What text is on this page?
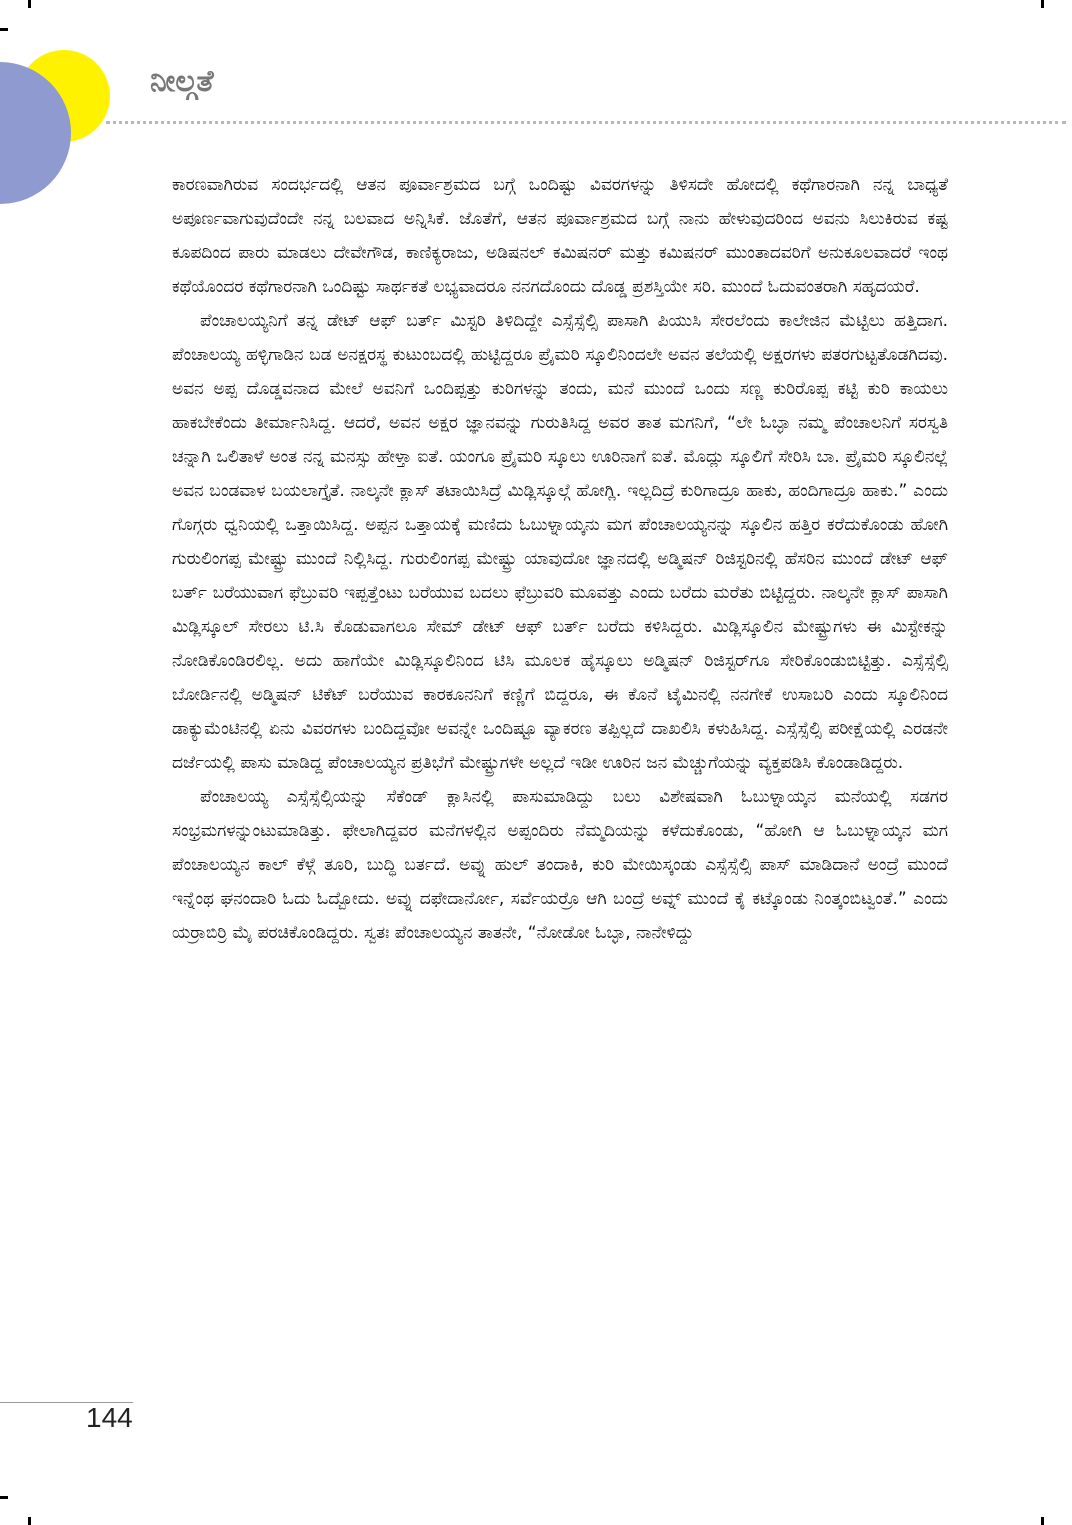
ನೀಲ್ಗತೆ

ಕಾರಣವಾಗಿರುವ ಸಂದರ್ಭದಲ್ಲಿ ಆತನ ಪೂರ್ವಾಶ್ರಮದ ಬಗ್ಗೆ ಒಂದಿಷ್ಟು ವಿವರಗಳನ್ನು ತಿಳಿಸದೇ ಹೋದಲ್ಲಿ ಕಥೆಗಾರನಾಗಿ ನನ್ನ ಬಾಧ್ಯತೆ ಅಪೂರ್ಣವಾಗುವುದೆಂದೇ ನನ್ನ ಬಲವಾದ ಅನ್ನಿಸಿಕೆ. ಜೊತೆಗೆ, ಆತನ ಪೂರ್ವಾಶ್ರಮದ ಬಗ್ಗೆ ನಾನು ಹೇಳುವುದರಿಂದ ಅವನು ಸಿಲುಕಿರುವ ಕಷ್ಟ ಕೂಪದಿಂದ ಪಾರು ಮಾಡಲು ದೇವೇಗೌಡ, ಕಾಣಿಕ್ಯರಾಜು, ಅಡಿಷನಲ್ ಕಮಿಷನರ್ ಮತ್ತು ಕಮಿಷನರ್ ಮುಂತಾದವರಿಗೆ ಅನುಕೂಲವಾದರೆ ಇಂಥ ಕಥೆಯೊಂದರ ಕಥೆಗಾರನಾಗಿ ಒಂದಿಷ್ಟು ಸಾರ್ಥಕತೆ ಲಭ್ಯವಾದರೂ ನನಗದೊಂದು ದೊಡ್ಡ ಪ್ರಶಸ್ತಿಯೇ ಸರಿ. ಮುಂದೆ ಓದುವಂತರಾಗಿ ಸಹೃದಯರೆ.

ಪೆಂಚಾಲಯ್ಯನಿಗೆ ತನ್ನ ಡೇಟ್ ಆಫ್ ಬರ್ತ್ ಮಿಸ್ಟರಿ ತಿಳಿದಿದ್ದೇ ಎಸ್ಸೆಸ್ಸೆಲ್ಸಿ ಪಾಸಾಗಿ ಪಿಯುಸಿ ಸೇರಲೆಂದು ಕಾಲೇಜಿನ ಮೆಟ್ಟಿಲು ಹತ್ತಿದಾಗ. ಪೆಂಚಾಲಯ್ಯ ಹಳ್ಳಿಗಾಡಿನ ಬಡ ಅನಕ್ಷರಸ್ಥ ಕುಟುಂಬದಲ್ಲಿ ಹುಟ್ಟಿದ್ದರೂ ಪ್ರೈಮರಿ ಸ್ಕೂಲಿನಿಂದಲೇ ಅವನ ತಲೆಯಲ್ಲಿ ಅಕ್ಷರಗಳು ಪತರಗುಟ್ಟತೊಡಗಿದವು. ಅವನ ಅಪ್ಪ ದೊಡ್ಡವನಾದ ಮೇಲೆ ಅವನಿಗೆ ಒಂದಿಪ್ಪತ್ತು ಕುರಿಗಳನ್ನು ತಂದು, ಮನೆ ಮುಂದೆ ಒಂದು ಸಣ್ಣ ಕುರಿರೊಪ್ಪ ಕಟ್ಟಿ ಕುರಿ ಕಾಯಲು ಹಾಕಬೇಕೆಂದು ತೀರ್ಮಾನಿಸಿದ್ದ. ಆದರೆ, ಅವನ ಅಕ್ಷರ ಜ್ಞಾನವನ್ನು ಗುರುತಿಸಿದ್ದ ಅವರ ತಾತ ಮಗನಿಗೆ, “ಲೇ ಓಬ್ಳಾ ನಮ್ಮ ಪೆಂಚಾಲನಿಗೆ ಸರಸ್ವತಿ ಚನ್ನಾಗಿ ಒಲಿತಾಳೆ ಅಂತ ನನ್ನ ಮನಸ್ಸು ಹೇಳ್ತಾ ಐತೆ. ಯಂಗೂ ಪ್ರೈಮರಿ ಸ್ಕೂಲು ಊರಿನಾಗೆ ಐತೆ. ಮೊದ್ಲು ಸ್ಕೂಲಿಗೆ ಸೇರಿಸಿ ಬಾ. ಪ್ರೈಮರಿ ಸ್ಕೂಲಿನಲ್ಲೆ ಅವನ ಬಂಡವಾಳ ಬಯಲಾಗ್ತೈತೆ. ನಾಲ್ಕನೇ ಕ್ಲಾಸ್ ತಟಾಯಿಸಿದ್ರೆ ಮಿಡ್ಲಿಸ್ಕೂಲ್ಗೆ ಹೋಗ್ಲಿ. ಇಲ್ಲದಿದ್ರೆ ಕುರಿಗಾದ್ರೂ ಹಾಕು, ಹಂದಿಗಾದ್ರೂ ಹಾಕು.” ಎಂದು ಗೊಗ್ಗರು ಧ್ವನಿಯಲ್ಲಿ ಒತ್ತಾಯಿಸಿದ್ದ. ಅಪ್ಪನ ಒತ್ತಾಯಕ್ಕೆ ಮಣಿದು ಓಬುಳ್ನಾಯ್ಕನು ಮಗ ಪೆಂಚಾಲಯ್ಯನನ್ನು ಸ್ಕೂಲಿನ ಹತ್ತಿರ ಕರೆದುಕೊಂಡು ಹೋಗಿ ಗುರುಲಿಂಗಪ್ಪ ಮೇಷ್ಟ್ರು ಮುಂದೆ ನಿಲ್ಲಿಸಿದ್ದ. ಗುರುಲಿಂಗಪ್ಪ ಮೇಷ್ಟ್ರು ಯಾವುದೋ ಜ್ಞಾನದಲ್ಲಿ ಅಡ್ಮಿಷನ್ ರಿಜಿಸ್ಟರಿನಲ್ಲಿ ಹೆಸರಿನ ಮುಂದೆ ಡೇಟ್ ಆಫ್ ಬರ್ತ್ ಬರೆಯುವಾಗ ಫೆಬ್ರುವರಿ ಇಪ್ಪತ್ತೆಂಟು ಬರೆಯುವ ಬದಲು ಫೆಬ್ರುವರಿ ಮೂವತ್ತು ಎಂದು ಬರೆದು ಮರೆತು ಬಿಟ್ಟಿದ್ದರು. ನಾಲ್ಕನೇ ಕ್ಲಾಸ್ ಪಾಸಾಗಿ ಮಿಡ್ಲಿಸ್ಕೂಲ್ ಸೇರಲು ಟಿ.ಸಿ ಕೊಡುವಾಗಲೂ ಸೇಮ್ ಡೇಟ್ ಆಫ್ ಬರ್ತ್ ಬರೆದು ಕಳಿಸಿದ್ದರು. ಮಿಡ್ಲಿಸ್ಕೂಲಿನ ಮೇಷ್ಟ್ರುಗಳು ಈ ಮಿಸ್ಟೇಕನ್ನು ನೋಡಿಕೊಂಡಿರಲಿಲ್ಲ. ಅದು ಹಾಗೆಯೇ ಮಿಡ್ಲಿಸ್ಕೂಲಿನಿಂದ ಟಿಸಿ ಮೂಲಕ ಹೈಸ್ಕೂಲು ಅಡ್ಮಿಷನ್ ರಿಜಿಸ್ಟರ್‌ಗೂ ಸೇರಿಕೊಂಡುಬಿಟ್ಟಿತ್ತು. ಎಸ್ಸೆಸ್ಸೆಲ್ಸಿ ಬೋರ್ಡಿನಲ್ಲಿ ಅಡ್ಮಿಷನ್ ಟಿಕೆಟ್ ಬರೆಯುವ ಕಾರಕೂನನಿಗೆ ಕಣ್ಣಿಗೆ ಬಿದ್ದರೂ, ಈ ಕೊನೆ ಟೈಮಿನಲ್ಲಿ ನನಗೇಕೆ ಉಸಾಬರಿ ಎಂದು ಸ್ಕೂಲಿನಿಂದ ಡಾಕ್ಯುಮೆಂಟಿನಲ್ಲಿ ಏನು ವಿವರಗಳು ಬಂದಿದ್ದವೋ ಅವನ್ನೇ ಒಂದಿಷ್ಟೂ ವ್ಯಾಕರಣ ತಪ್ಪಿಲ್ಲದೆ ದಾಖಲಿಸಿ ಕಳುಹಿಸಿದ್ದ. ಎಸ್ಸೆಸ್ಸೆಲ್ಸಿ ಪರೀಕ್ಷೆಯಲ್ಲಿ ಎರಡನೇ ದರ್ಜೆಯಲ್ಲಿ ಪಾಸು ಮಾಡಿದ್ದ ಪೆಂಚಾಲಯ್ಯನ ಪ್ರತಿಭೆಗೆ ಮೇಷ್ಟ್ರುಗಳೇ ಅಲ್ಲದೆ ಇಡೀ ಊರಿನ ಜನ ಮೆಚ್ಚುಗೆಯನ್ನು ವ್ಯಕ್ತಪಡಿಸಿ ಕೊಂಡಾಡಿದ್ದರು.

ಪೆಂಚಾಲಯ್ಯ ಎಸ್ಸೆಸ್ಸೆಲ್ಸಿಯನ್ನು ಸೆಕೆಂಡ್ ಕ್ಲಾಸಿನಲ್ಲಿ ಪಾಸುಮಾಡಿದ್ದು ಬಲು ವಿಶೇಷವಾಗಿ ಓಬುಳ್ನಾಯ್ಕನ ಮನೆಯಲ್ಲಿ ಸಡಗರ ಸಂಭ್ರಮಗಳನ್ನುಂಟುಮಾಡಿತ್ತು. ಫೇಲಾಗಿದ್ದವರ ಮನೆಗಳಲ್ಲಿನ ಅಪ್ಪಂದಿರು ನೆಮ್ಮದಿಯನ್ನು ಕಳೆದುಕೊಂಡು, “ಹೋಗಿ ಆ ಓಬುಳ್ನಾಯ್ಕನ ಮಗ ಪೆಂಚಾಲಯ್ಯನ ಕಾಲ್ ಕೆಳ್ಗೆ ತೂರಿ, ಬುದ್ಧಿ ಬರ್ತದೆ. ಅವ್ನು ಹುಲ್ ತಂದಾಕಿ, ಕುರಿ ಮೇಯಿಸ್ಕಂಡು ಎಸ್ಸೆಸ್ಸೆಲ್ಸಿ ಪಾಸ್ ಮಾಡಿದಾನೆ ಅಂದ್ರೆ ಮುಂದೆ ಇನ್ನೆಂಥ ಘನಂದಾರಿ ಓದು ಓದ್ಬೋದು. ಅವ್ನು ದಫೇದಾರ್ನೋ, ಸರ್ವೆಯರ್ರೊ ಆಗಿ ಬಂದ್ರೆ ಅವ್ನ್ ಮುಂದೆ ಕೈ ಕಟ್ಕೊಂಡು ನಿಂತ್ಕಂಬಿಟ್ವಂತೆ.” ಎಂದು ಯರ್ರಾಬಿರ್ರಿ ಮೈ ಪರಚಿಕೊಂಡಿದ್ದರು. ಸ್ವತಃ ಪೆಂಚಾಲಯ್ಯನ ತಾತನೇ, “ನೋಡೋ ಓಬ್ಳಾ, ನಾನೇಳಿದ್ದು

144
